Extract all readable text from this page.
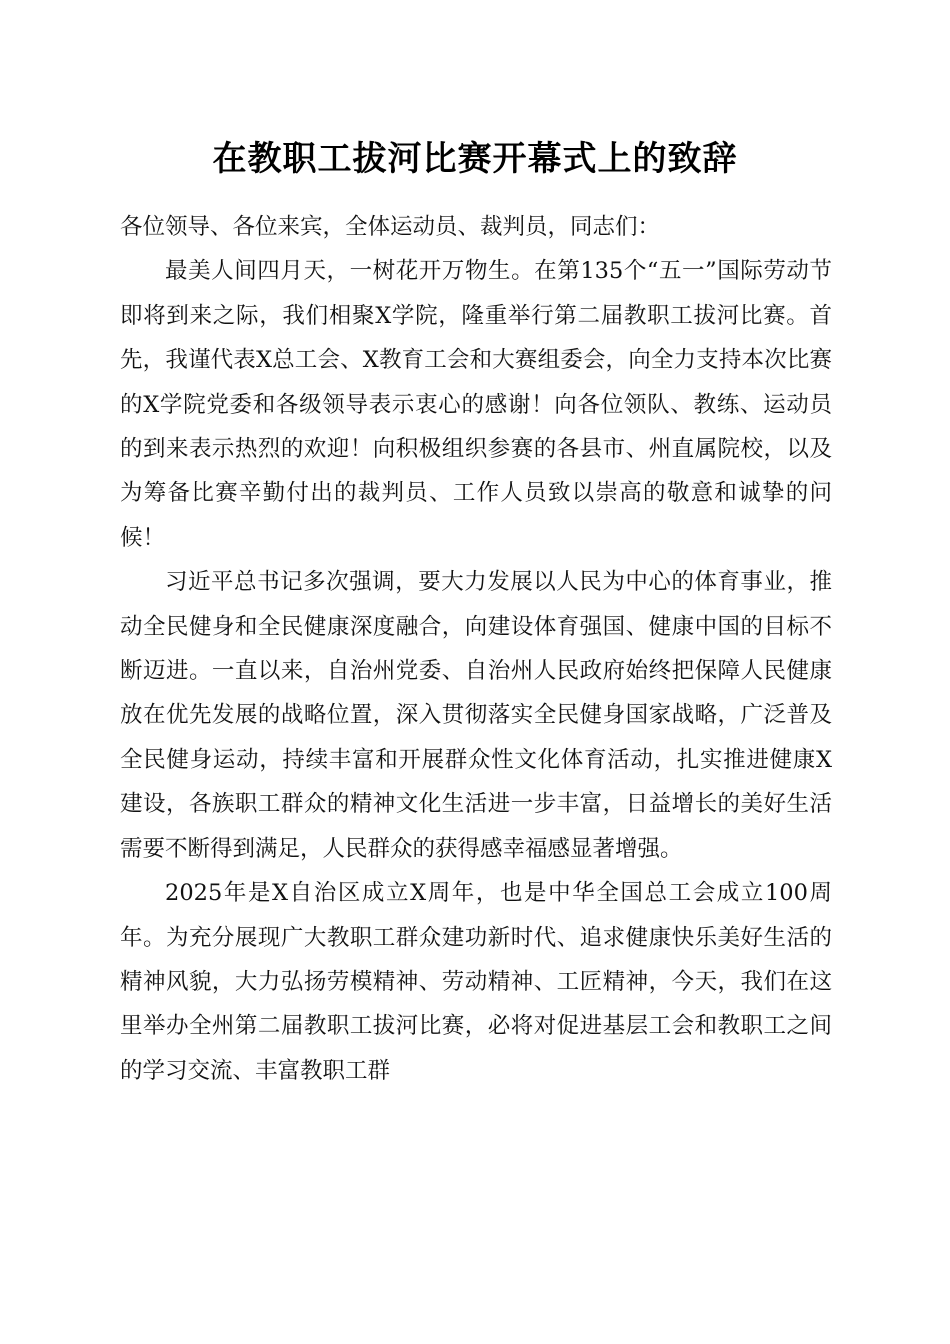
在教职工拔河比赛开幕式上的致辞

各位领导、各位来宾，全体运动员、裁判员，同志们：

最美人间四月天，一树花开万物生。在第135个“五一”国际劳动节即将到来之际，我们相聚X学院，隆重举行第二届教职工拔河比赛。首先，我谨代表X总工会、X教育工会和大赛组委会，向全力支持本次比赛的X学院党委和各级领导表示衷心的感谢！向各位领队、教练、运动员的到来表示热烈的欢迎！向积极组织参赛的各县市、州直属院校，以及为筹备比赛辛勤付出的裁判员、工作人员致以崇高的敬意和诚挚的问候！

习近平总书记多次强调，要大力发展以人民为中心的体育事业，推动全民健身和全民健康深度融合，向建设体育强国、健康中国的目标不断迈进。一直以来，自治州党委、自治州人民政府始终把保障人民健康放在优先发展的战略位置，深入贯彻落实全民健身国家战略，广泛普及全民健身运动，持续丰富和开展群众性文化体育活动，扎实推进健康X建设，各族职工群众的精神文化生活进一步丰富，日益增长的美好生活需要不断得到满足，人民群众的获得感幸福感显著增强。

2025年是X自治区成立X周年，也是中华全国总工会成立100周年。为充分展现广大教职工群众建功新时代、追求健康快乐美好生活的精神风貌，大力弘扬劳模精神、劳动精神、工匠精神，今天，我们在这里举办全州第二届教职工拔河比赛，必将对促进基层工会和教职工之间的学习交流、丰富教职工群
